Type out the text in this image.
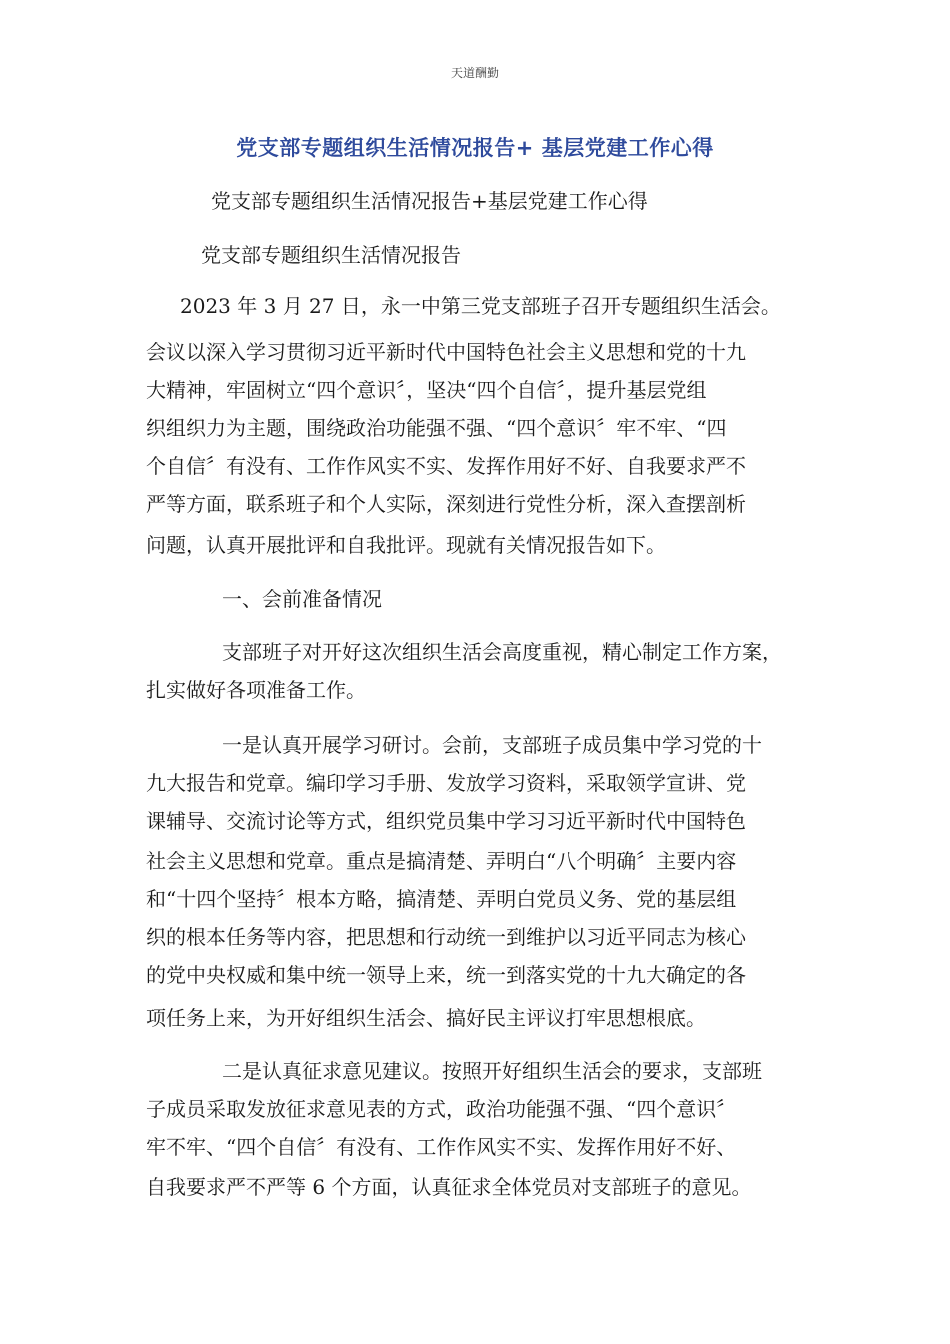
天道酬勤
党支部专题组织生活情况报告+ 基层党建工作心得
党支部专题组织生活情况报告+基层党建工作心得
党支部专题组织生活情况报告
2023 年 3 月 27 日，永一中第三党支部班子召开专题组织生活会。
会议以深入学习贯彻习近平新时代中国特色社会主义思想和党的十九
大精神，牢固树立“四个意识〞，坚决“四个自信〞，提升基层党组
织组织力为主题，围绕政治功能强不强、“四个意识〞牢不牢、“四
个自信〞有没有、工作作风实不实、发挥作用好不好、自我要求严不
严等方面，联系班子和个人实际，深刻进行党性分析，深入查摆剖析
问题，认真开展批评和自我批评。现就有关情况报告如下。
一、会前准备情况
支部班子对开好这次组织生活会高度重视，精心制定工作方案，
扎实做好各项准备工作。
一是认真开展学习研讨。会前，支部班子成员集中学习党的十
九大报告和党章。编印学习手册、发放学习资料，采取领学宣讲、党
课辅导、交流讨论等方式，组织党员集中学习习近平新时代中国特色
社会主义思想和党章。重点是搞清楚、弄明白“八个明确〞主要内容
和“十四个坚持〞根本方略，搞清楚、弄明白党员义务、党的基层组
织的根本任务等内容，把思想和行动统一到维护以习近平同志为核心
的党中央权威和集中统一领导上来，统一到落实党的十九大确定的各
项任务上来，为开好组织生活会、搞好民主评议打牢思想根底。
二是认真征求意见建议。按照开好组织生活会的要求，支部班
子成员采取发放征求意见表的方式，政治功能强不强、“四个意识〞
牢不牢、“四个自信〞有没有、工作作风实不实、发挥作用好不好、
自我要求严不严等 6 个方面，认真征求全体党员对支部班子的意见。
